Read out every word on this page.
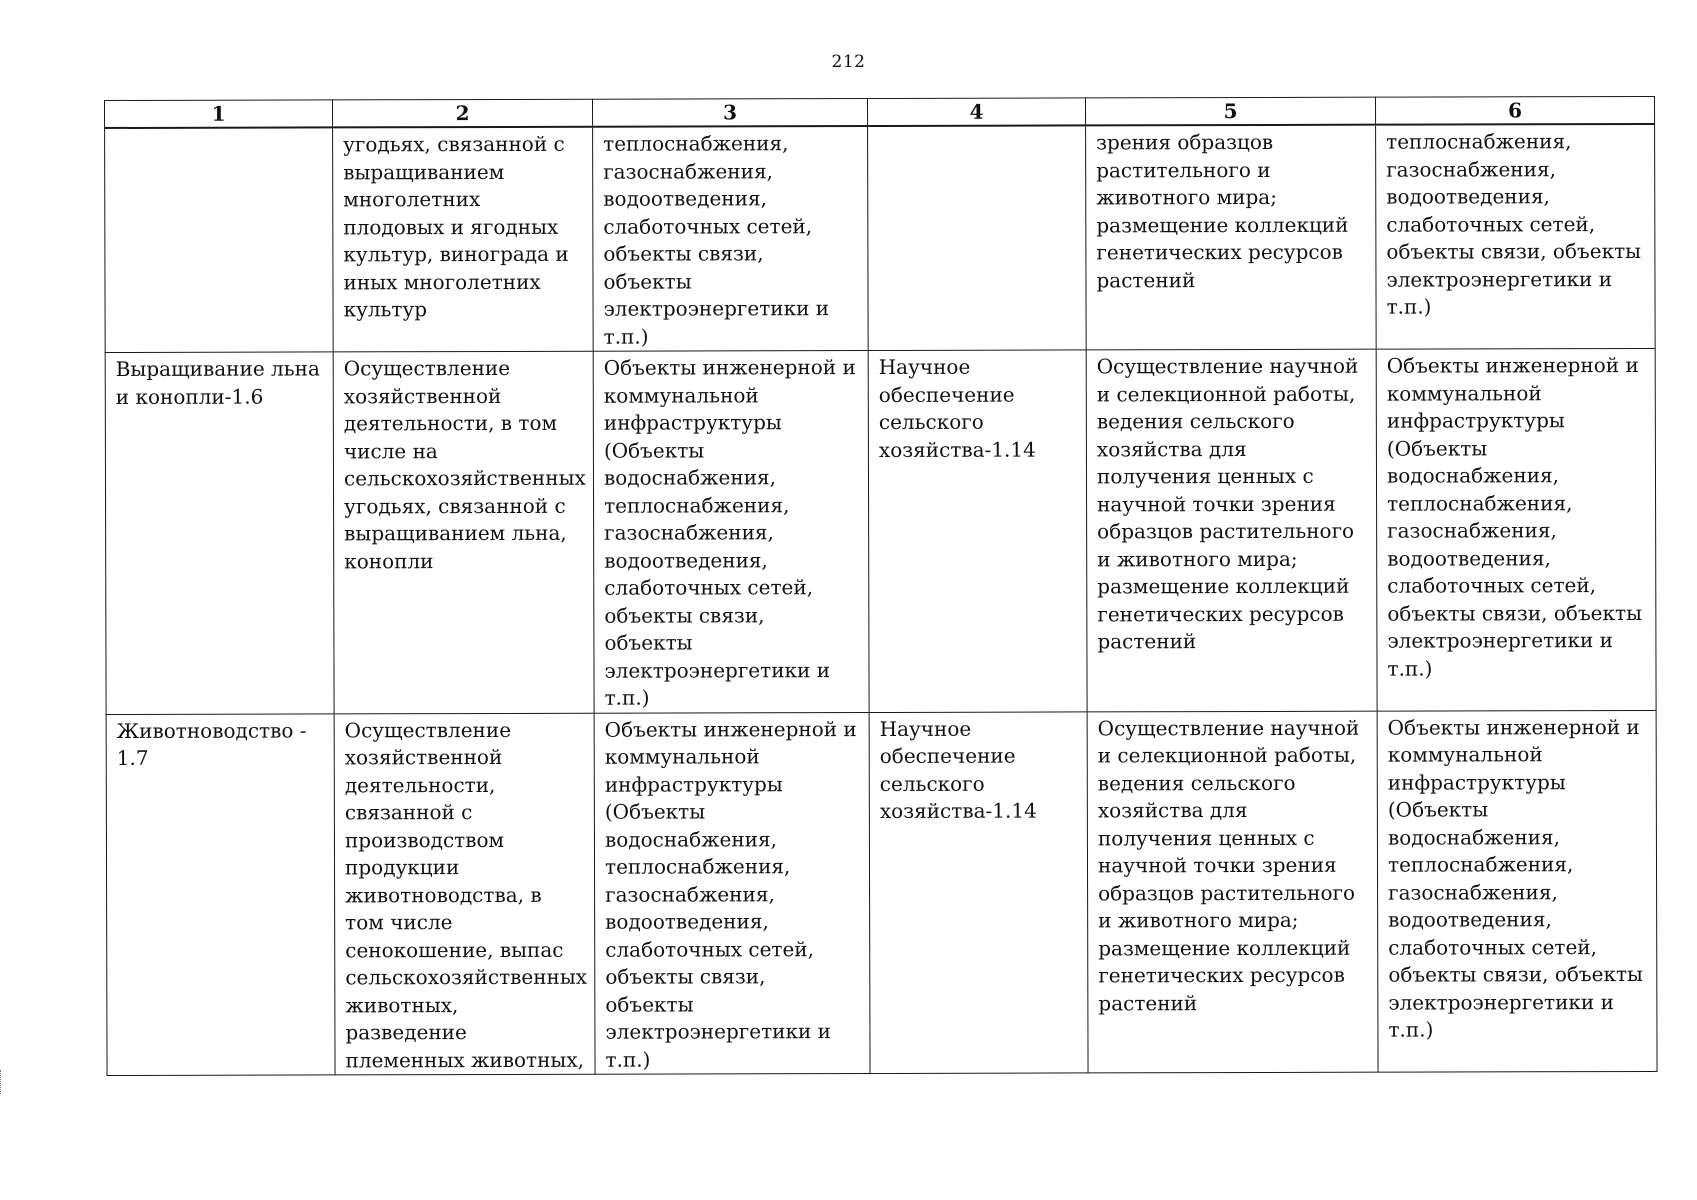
212
1	2	3	4	5	6
	угодьях, связанной с выращиванием многолетних плодовых и ягодных культур, винограда и иных многолетних культур	теплоснабжения, газоснабжения, водоотведения, слаботочных сетей, объекты связи, объекты электроэнергетики и т.п.)		зрения образцов растительного и животного мира; размещение коллекций генетических ресурсов растений	теплоснабжения, газоснабжения, водоотведения, слаботочных сетей, объекты связи, объекты электроэнергетики и т.п.)
Выращивание льна и конопли-1.6	Осуществление хозяйственной деятельности, в том числе на сельскохозяйственных угодьях, связанной с выращиванием льна, конопли	Объекты инженерной и коммунальной инфраструктуры (Объекты водоснабжения, теплоснабжения, газоснабжения, водоотведения, слаботочных сетей, объекты связи, объекты электроэнергетики и т.п.)	Научное обеспечение сельского хозяйства-1.14	Осуществление научной и селекционной работы, ведения сельского хозяйства для получения ценных с научной точки зрения образцов растительного и животного мира; размещение коллекций генетических ресурсов растений	Объекты инженерной и коммунальной инфраструктуры (Объекты водоснабжения, теплоснабжения, газоснабжения, водоотведения, слаботочных сетей, объекты связи, объекты электроэнергетики и т.п.)
Животноводство - 1.7	Осуществление хозяйственной деятельности, связанной с производством продукции животноводства, в том числе сенокошение, выпас сельскохозяйственных животных, разведение племенных животных,	Объекты инженерной и коммунальной инфраструктуры (Объекты водоснабжения, теплоснабжения, газоснабжения, водоотведения, слаботочных сетей, объекты связи, объекты электроэнергетики и т.п.)	Научное обеспечение сельского хозяйства-1.14	Осуществление научной и селекционной работы, ведения сельского хозяйства для получения ценных с научной точки зрения образцов растительного и животного мира; размещение коллекций генетических ресурсов растений	Объекты инженерной и коммунальной инфраструктуры (Объекты водоснабжения, теплоснабжения, газоснабжения, водоотведения, слаботочных сетей, объекты связи, объекты электроэнергетики и т.п.)
